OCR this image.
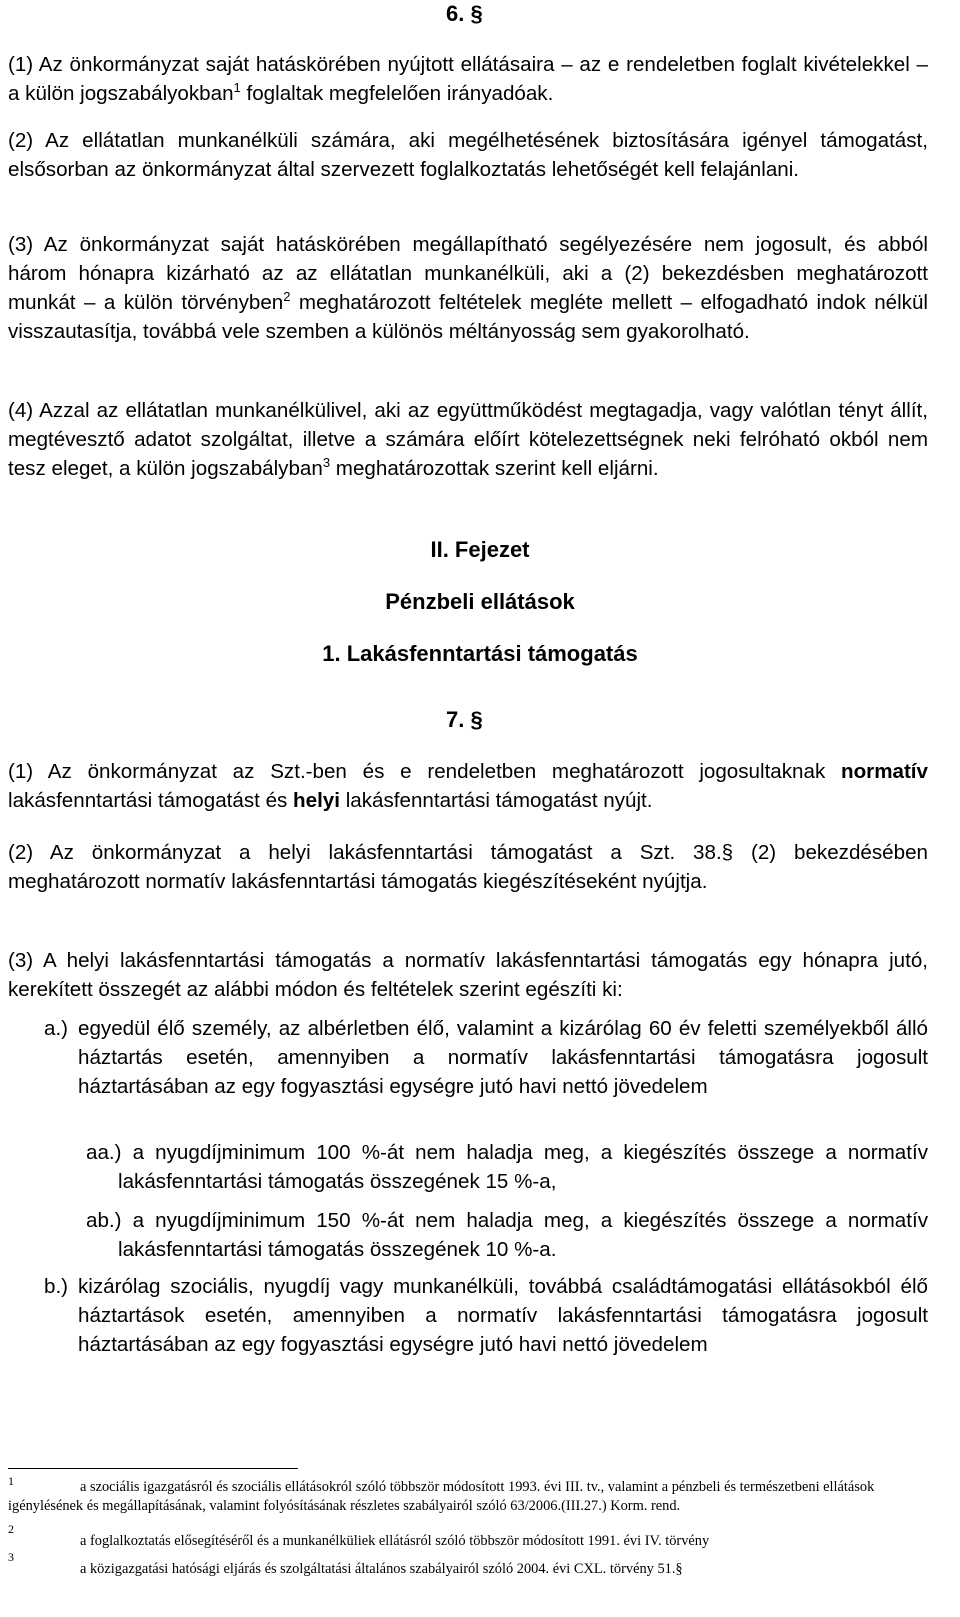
6. §
(1) Az önkormányzat saját hatáskörében nyújtott ellátásaira – az e rendeletben foglalt kivételekkel – a külön jogszabályokban$^1$ foglaltak megfelelően irányadóak.
(2) Az ellátatlan munkanélküli számára, aki megélhetésének biztosítására igényel támogatást, elsősorban az önkormányzat által szervezett foglalkoztatás lehetőségét kell felajánlani.
(3) Az önkormányzat saját hatáskörében megállapítható segélyezésére nem jogosult, és abból három hónapra kizárható az az ellátatlan munkanélküli, aki a (2) bekezdésben meghatározott munkát – a külön törvényben$^2$ meghatározott feltételek megléte mellett – elfogadható indok nélkül visszautasítja, továbbá vele szemben a különös méltányosság sem gyakorolható.
(4) Azzal az ellátatlan munkanélkülivel, aki az együttműködést megtagadja, vagy valótlan tényt állít, megtévesztő adatot szolgáltat, illetve a számára előírt kötelezettségnek neki felróható okból nem tesz eleget, a külön jogszabályban$^3$ meghatározottak szerint kell eljárni.
II. Fejezet
Pénzbeli ellátások
1. Lakásfenntartási támogatás
7. §
(1) Az önkormányzat az Szt.-ben és e rendeletben meghatározott jogosultaknak normatív lakásfenntartási támogatást és helyi lakásfenntartási támogatást nyújt.
(2) Az önkormányzat a helyi lakásfenntartási támogatást a Szt. 38.§ (2) bekezdésében meghatározott normatív lakásfenntartási támogatás kiegészítéseként nyújtja.
(3) A helyi lakásfenntartási támogatás a normatív lakásfenntartási támogatás egy hónapra jutó, kerekített összegét az alábbi módon és feltételek szerint egészíti ki:
a.) egyedül élő személy, az albérletben élő, valamint a kizárólag 60 év feletti személyekből álló háztartás esetén, amennyiben a normatív lakásfenntartási támogatásra jogosult háztartásában az egy fogyasztási egységre jutó havi nettó jövedelem
aa.) a nyugdíjminimum 100 %-át nem haladja meg, a kiegészítés összege a normatív lakásfenntartási támogatás összegének 15 %-a,
ab.) a nyugdíjminimum 150 %-át nem haladja meg, a kiegészítés összege a normatív lakásfenntartási támogatás összegének 10 %-a.
b.) kizárólag szociális, nyugdíj vagy munkanélküli, továbbá családtámogatási ellátásokból élő háztartások esetén, amennyiben a normatív lakásfenntartási támogatásra jogosult háztartásában az egy fogyasztási egységre jutó havi nettó jövedelem
1	a szociális igazgatásról és szociális ellátásokról szóló többször módosított 1993. évi III. tv., valamint a pénzbeli és természetbeni ellátások igénylésének és megállapításának, valamint folyósításának részletes szabályairól szóló 63/2006.(III.27.) Korm. rend.
2
a foglalkoztatás elősegítéséről és a munkanélküliek ellátásról szóló többször módosított 1991. évi IV. törvény
3
a közigazgatási hatósági eljárás és szolgáltatási általános szabályairól szóló 2004. évi CXL. törvény 51.§
